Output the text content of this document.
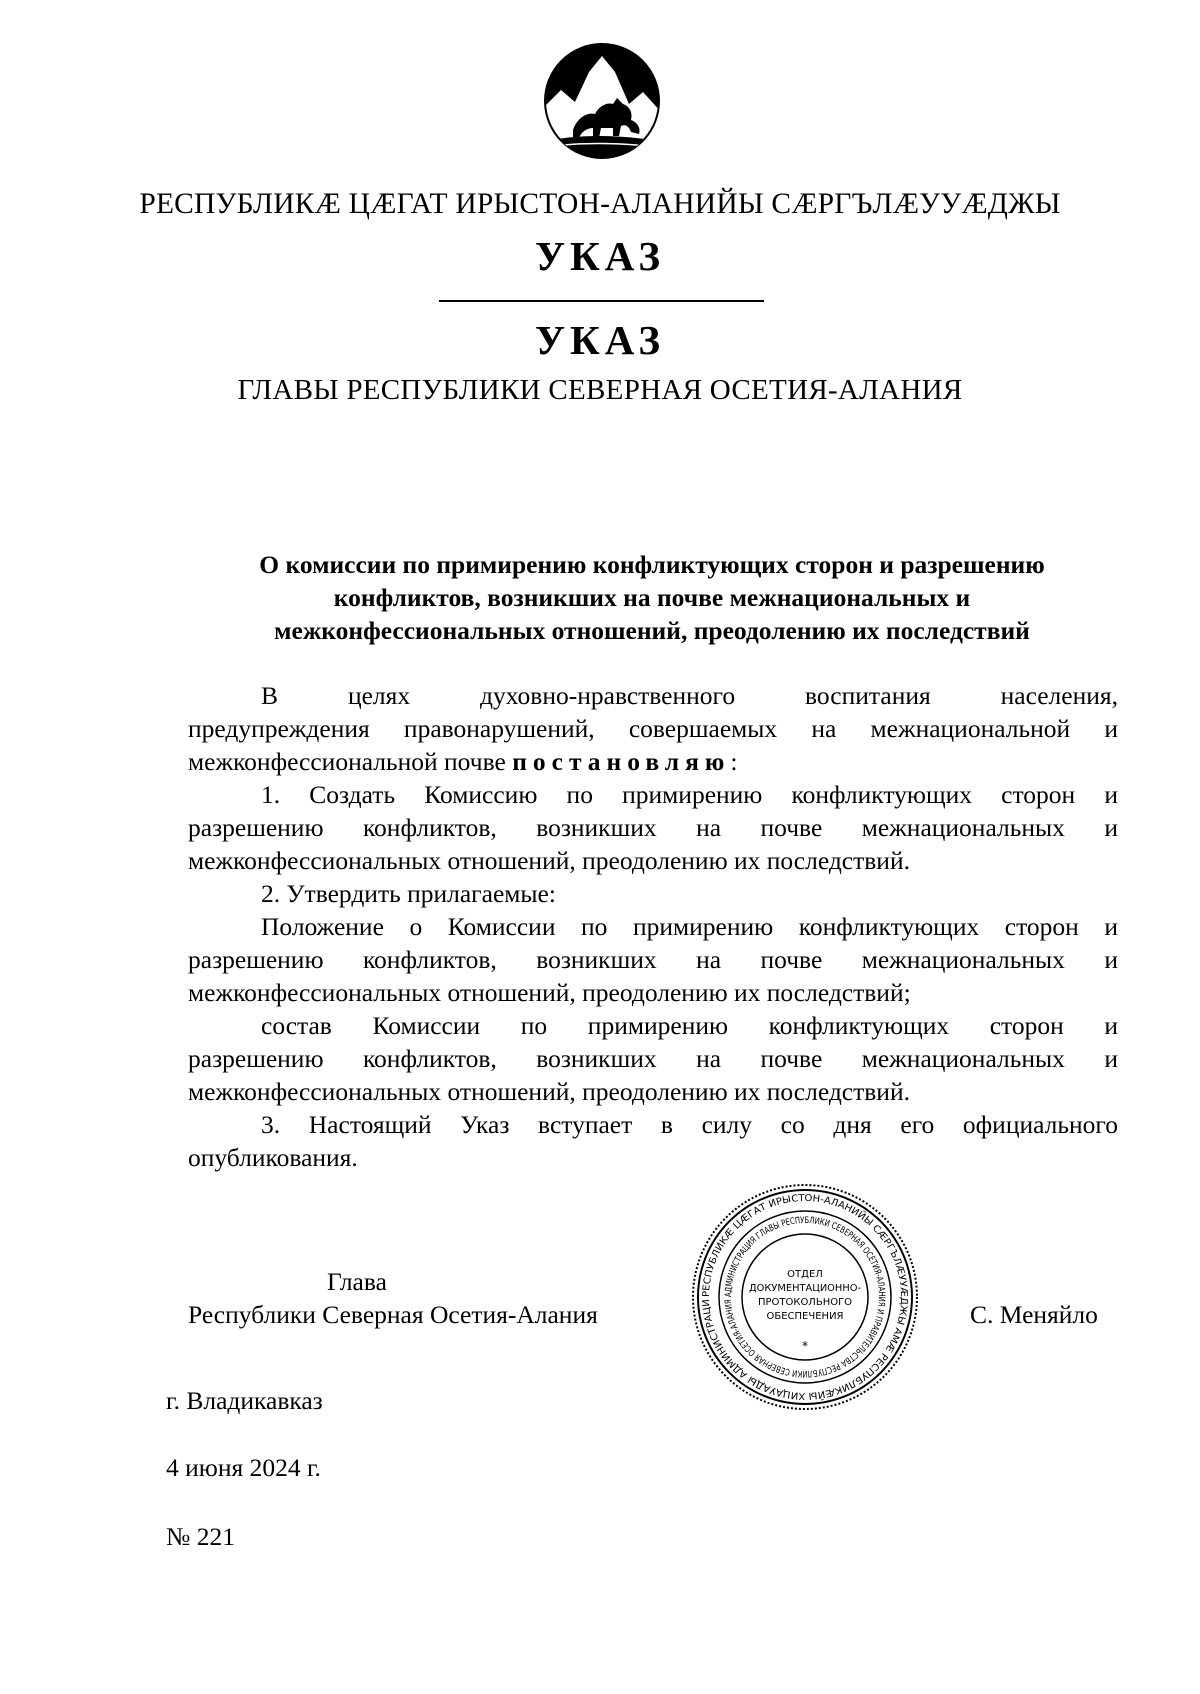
РЕСПУБЛИКӔ ЦӔГАТ ИРЫСТОН-АЛАНИЙЫ СӔРГЪЛӔУУӔДЖЫ
УКАЗ
УКАЗ
ГЛАВЫ РЕСПУБЛИКИ СЕВЕРНАЯ ОСЕТИЯ-АЛАНИЯ
О комиссии по примирению конфликтующих сторон и разрешению
конфликтов, возникших на почве межнациональных и
межконфессиональных отношений, преодолению их последствий
В целях духовно-нравственного воспитания населения,
предупреждения правонарушений, совершаемых на межнациональной и
межконфессиональной почве постановляю:
1. Создать Комиссию по примирению конфликтующих сторон и
разрешению конфликтов, возникших на почве межнациональных и
межконфессиональных отношений, преодолению их последствий.
2. Утвердить прилагаемые:
Положение о Комиссии по примирению конфликтующих сторон и
разрешению конфликтов, возникших на почве межнациональных и
межконфессиональных отношений, преодолению их последствий;
состав Комиссии по примирению конфликтующих сторон и
разрешению конфликтов, возникших на почве межнациональных и
межконфессиональных отношений, преодолению их последствий.
3. Настоящий Указ вступает в силу со дня его официального
опубликования.
Глава
Республики Северная Осетия-Алания	С. Меняйло
РЕСПУБЛИКӔ ЦӔГАТ ИРЫСТОН-АЛАНИЙЫ СӔРГЪЛӔУУӔДЖЫ АМӔ РЕСПУБЛИКӔЙЫ ХИЦАУАДЫ АДМИНИСТРАЦИ
АДМИНИСТРАЦИЯ ГЛАВЫ РЕСПУБЛИКИ СЕВЕРНАЯ ОСЕТИЯ-АЛАНИЯ И ПРАВИТЕЛЬСТВА РЕСПУБЛИКИ СЕВЕРНАЯ ОСЕТИЯ-АЛАНИЯ
ОТДЕЛ
ДОКУМЕНТАЦИОННО-
ПРОТОКОЛЬНОГО
ОБЕСПЕЧЕНИЯ
*
г. Владикавказ
4 июня 2024 г.
№ 221
